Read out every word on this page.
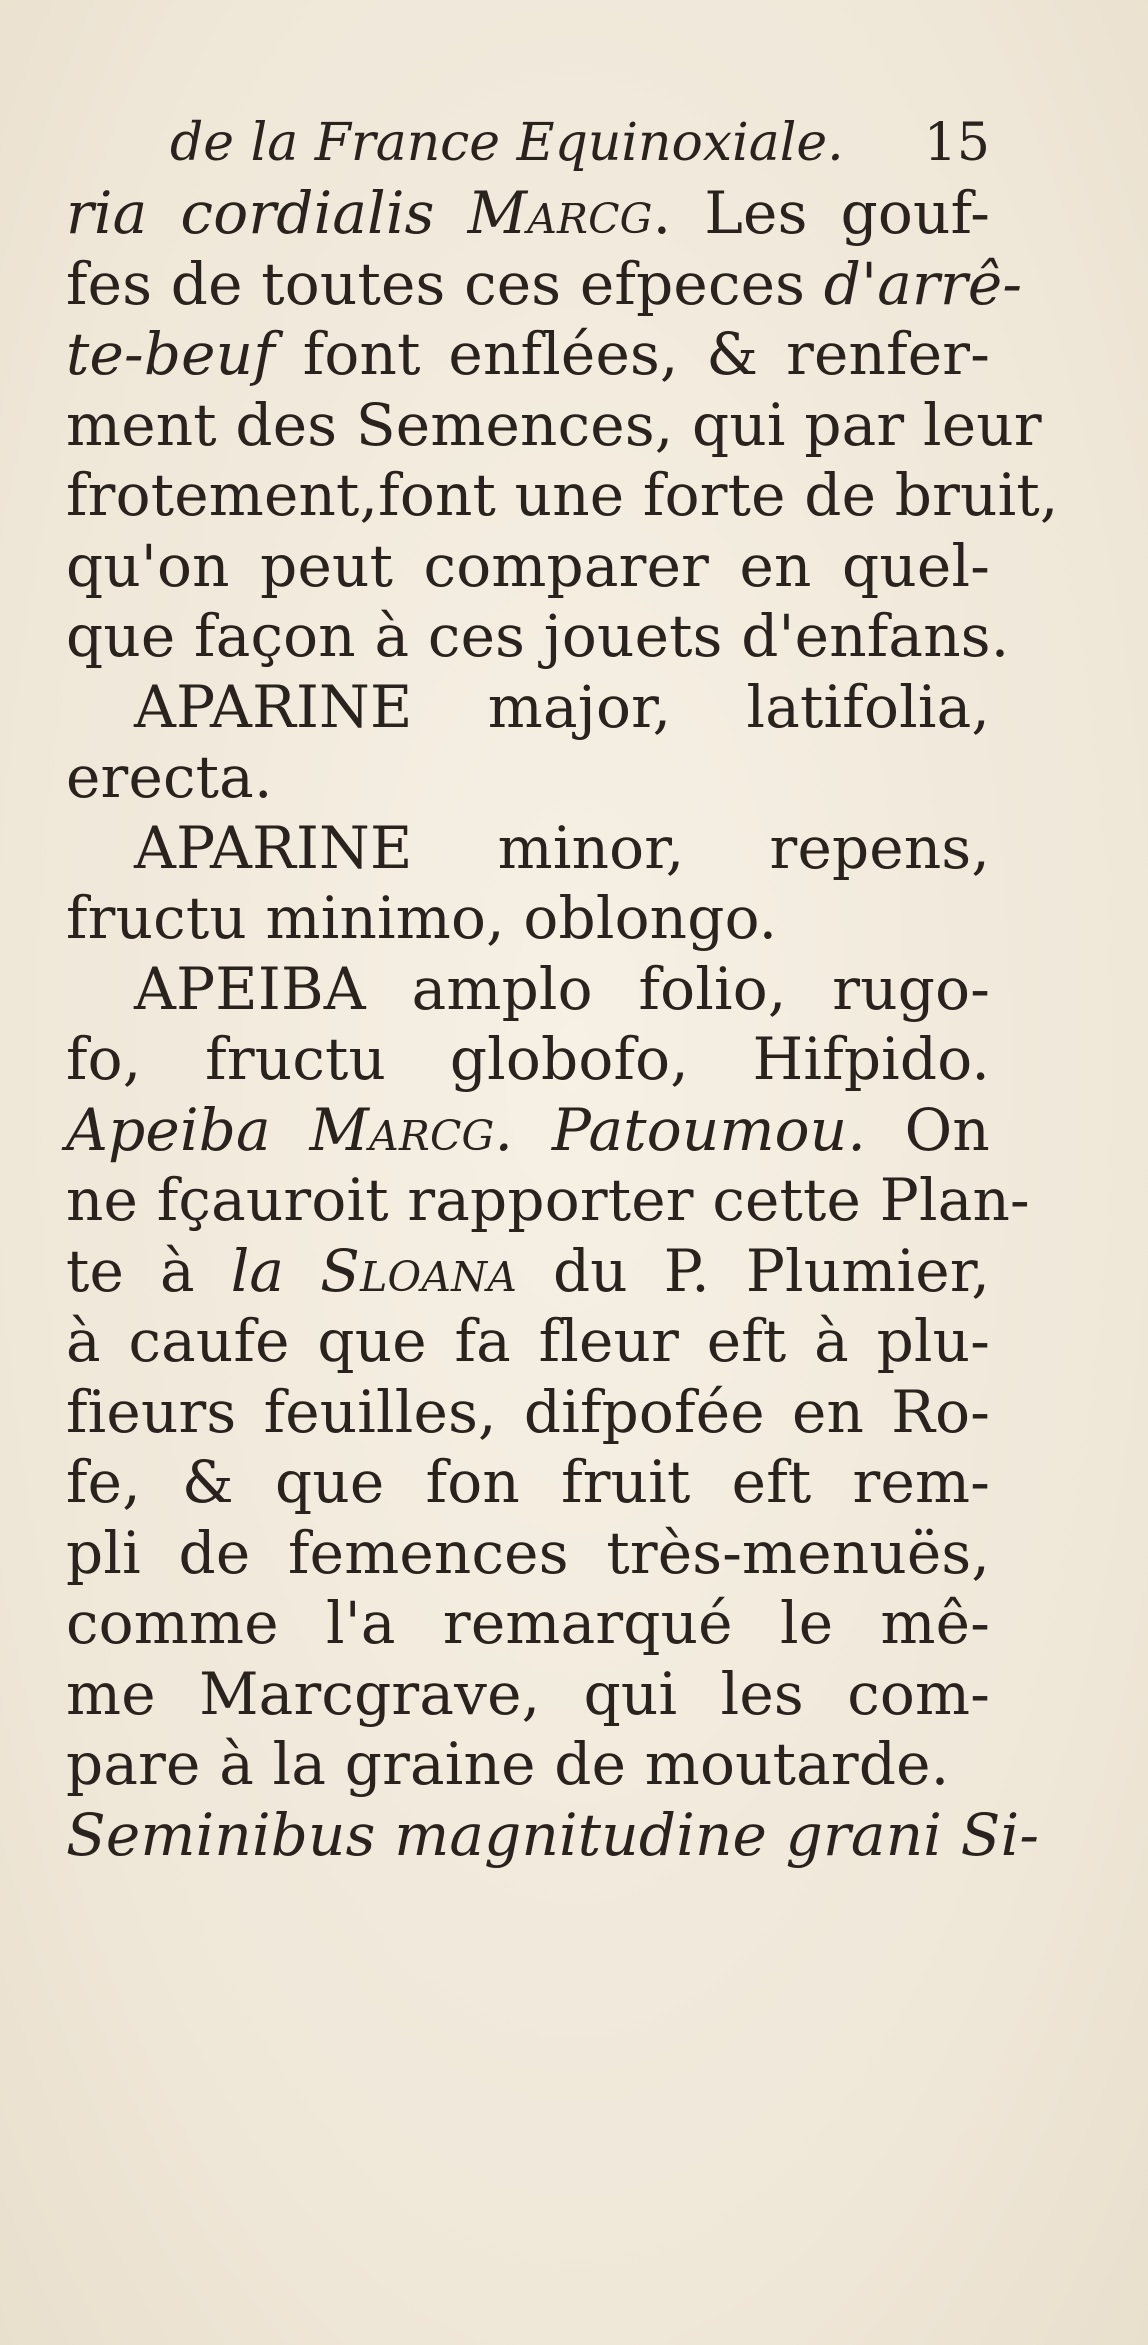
de la France Equinoxiale. 15
ria cordialis Marcg. Les gouf-
fes de toutes ces efpeces d'arrê-
te-beuf font enflées, & renfer-
ment des Semences, qui par leur
frotement,font une forte de bruit,
qu'on peut comparer en quel-
que façon à ces jouets d'enfans.
APARINE major, latifolia,
erecta.
APARINE minor, repens,
fructu minimo, oblongo.
APEIBA amplo folio, rugo-
fo, fructu globofo, Hifpido.
Apeiba Marcg. Patoumou. On
ne fçauroit rapporter cette Plan-
te à la Sloana du P. Plumier,
à caufe que fa fleur eft à plu-
fieurs feuilles, difpofée en Ro-
fe, & que fon fruit eft rem-
pli de femences très-menuës,
comme l'a remarqué le mê-
me Marcgrave, qui les com-
pare à la graine de moutarde.
Seminibus magnitudine grani Si-
